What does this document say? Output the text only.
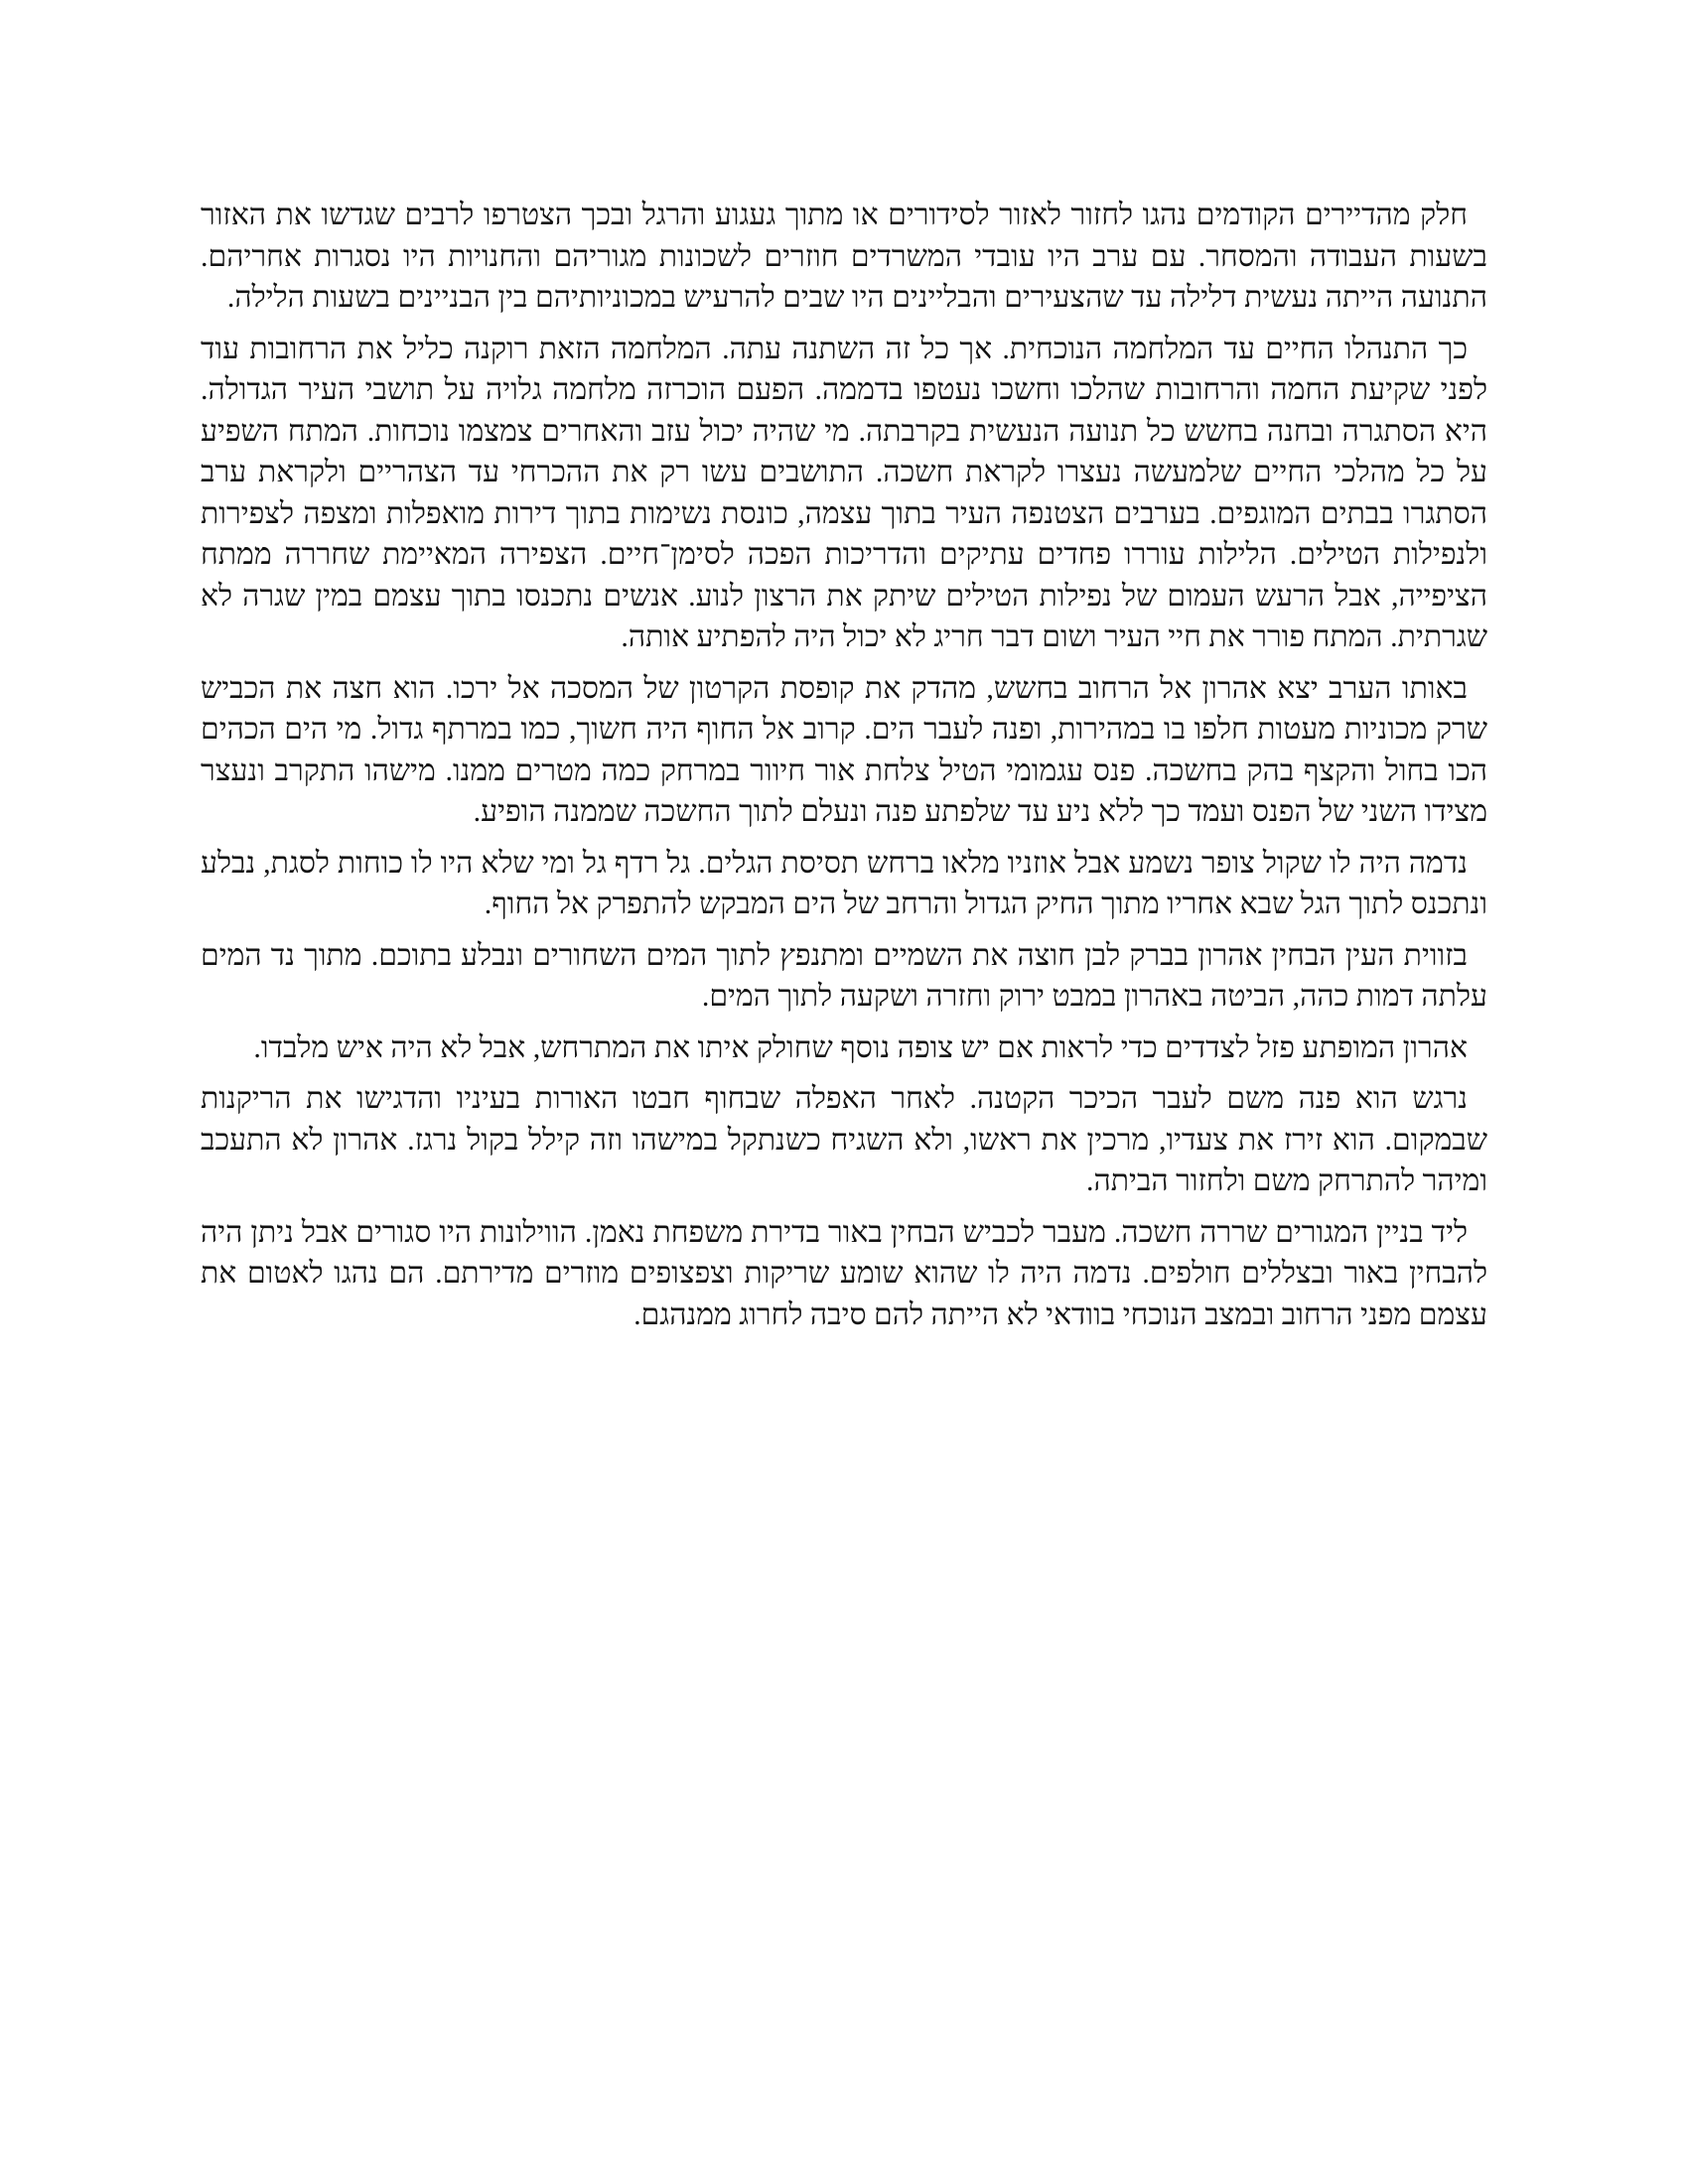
חלק מהדיירים הקודמים נהגו לחזור לאזור לסידורים או מתוך געגוע והרגל ובכך הצטרפו לרבים שגדשו את האזור בשעות העבודה והמסחר. עם ערב היו עובדי המשרדים חוזרים לשכונות מגוריהם והחנויות היו נסגרות אחריהם. התנועה הייתה נעשית דלילה עד שהצעירים והבליינים היו שבים להרעיש במכוניותיהם בין הבניינים בשעות הלילה.

כך התנהלו החיים עד המלחמה הנוכחית. אך כל זה השתנה עתה. המלחמה הזאת רוקנה כליל את הרחובות עוד לפני שקיעת החמה והרחובות שהלכו וחשכו נעטפו בדממה. הפעם הוכרזה מלחמה גלויה על תושבי העיר הגדולה. היא הסתגרה ובחנה בחשש כל תנועה הנעשית בקרבתה. מי שהיה יכול עזב והאחרים צמצמו נוכחות. המתח השפיע על כל מהלכי החיים שלמעשה נעצרו לקראת חשכה. התושבים עשו רק את ההכרחי עד הצהריים ולקראת ערב הסתגרו בבתים המוגפים. בערבים הצטנפה העיר בתוך עצמה, כונסת נשימות בתוך דירות מואפלות ומצפה לצפירות ולנפילות הטילים. הלילות עוררו פחדים עתיקים והדריכות הפכה לסימן־חיים. הצפירה המאיימת שחררה ממתח הציפייה, אבל הרעש העמום של נפילות הטילים שיתק את הרצון לנוע. אנשים נתכנסו בתוך עצמם במין שגרה לא שגרתית. המתח פורר את חיי העיר ושום דבר חריג לא יכול היה להפתיע אותה.

באותו הערב יצא אהרון אל הרחוב בחשש, מהדק את קופסת הקרטון של המסכה אל ירכו. הוא חצה את הכביש שרק מכוניות מעטות חלפו בו במהירות, ופנה לעבר הים. קרוב אל החוף היה חשוך, כמו במרתף גדול. מי הים הכהים הכו בחול והקצף בהק בחשכה. פנס עגמומי הטיל צלחת אור חיוור במרחק כמה מטרים ממנו. מישהו התקרב ונעצר מצידו השני של הפנס ועמד כך ללא ניע עד שלפתע פנה ונעלם לתוך החשכה שממנה הופיע.

נדמה היה לו שקול צופר נשמע אבל אוזניו מלאו ברחש תסיסת הגלים. גל רדף גל ומי שלא היו לו כוחות לסגת, נבלע ונתכנס לתוך הגל שבא אחריו מתוך החיק הגדול והרחב של הים המבקש להתפרק אל החוף.

בזווית העין הבחין אהרון בברק לבן חוצה את השמיים ומתנפץ לתוך המים השחורים ונבלע בתוכם. מתוך נד המים עלתה דמות כהה, הביטה באהרון במבט ירוק וחזרה ושקעה לתוך המים.

אהרון המופתע פזל לצדדים כדי לראות אם יש צופה נוסף שחולק איתו את המתרחש, אבל לא היה איש מלבדו.

נרגש הוא פנה משם לעבר הכיכר הקטנה. לאחר האפלה שבחוף חבטו האורות בעיניו והדגישו את הריקנות שבמקום. הוא זירז את צעדיו, מרכין את ראשו, ולא השגיח כשנתקל במישהו וזה קילל בקול נרגז. אהרון לא התעכב ומיהר להתרחק משם ולחזור הביתה.

ליד בניין המגורים שררה חשכה. מעבר לכביש הבחין באור בדירת משפחת נאמן. הווילונות היו סגורים אבל ניתן היה להבחין באור ובצללים חולפים. נדמה היה לו שהוא שומע שריקות וצפצופים מוזרים מדירתם. הם נהגו לאטום את עצמם מפני הרחוב ובמצב הנוכחי בוודאי לא הייתה להם סיבה לחרוג ממנהגם.
